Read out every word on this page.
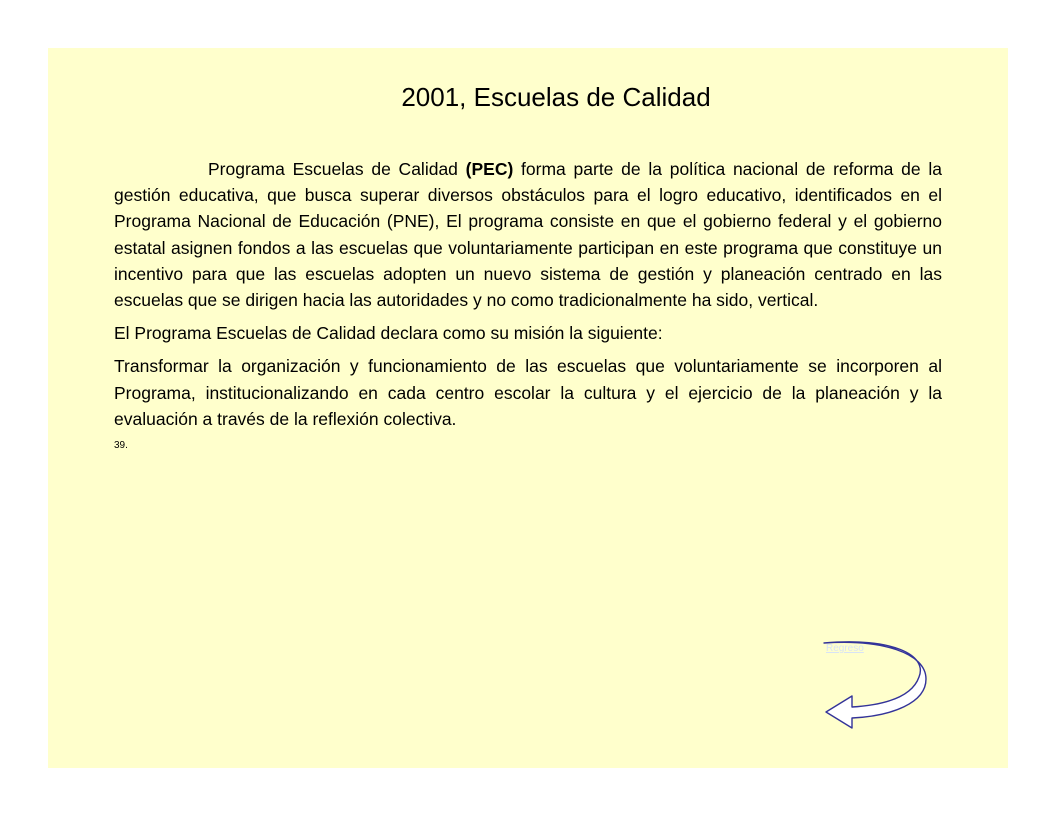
2001, Escuelas de Calidad

Programa Escuelas de Calidad (PEC) forma parte de la política nacional de reforma de la gestión educativa, que busca superar diversos obstáculos para el logro educativo, identificados en el Programa Nacional de Educación (PNE), El programa consiste en que el gobierno federal y el gobierno estatal asignen fondos a las escuelas que voluntariamente participan en este programa que constituye un incentivo para que las escuelas adopten un nuevo sistema de gestión y planeación centrado en las escuelas que se dirigen hacia las autoridades y no como tradicionalmente ha sido, vertical.

El Programa Escuelas de Calidad declara como su misión la siguiente:

Transformar la organización y funcionamiento de las escuelas que voluntariamente se incorporen al Programa, institucionalizando en cada centro escolar la cultura y el ejercicio de la planeación y la evaluación a través de la reflexión colectiva.

39.
Regreso
